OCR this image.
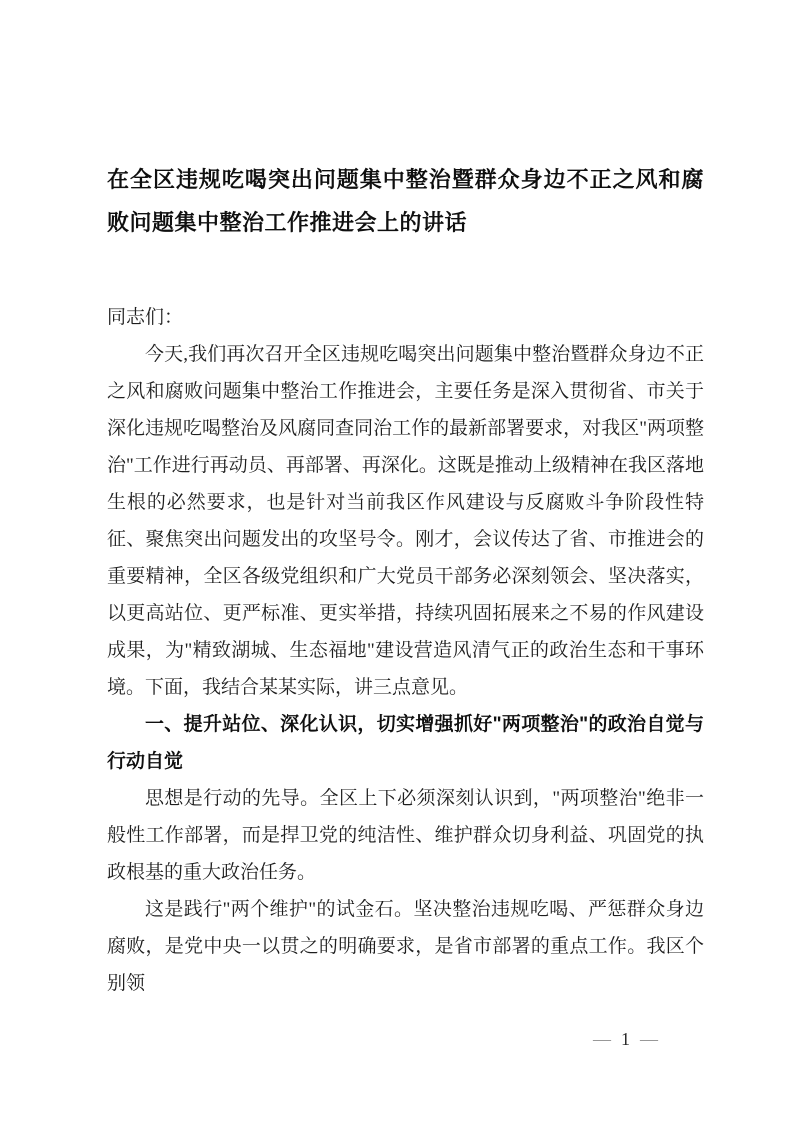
在全区违规吃喝突出问题集中整治暨群众身边不正之风和腐败问题集中整治工作推进会上的讲话
同志们：

今天,我们再次召开全区违规吃喝突出问题集中整治暨群众身边不正之风和腐败问题集中整治工作推进会，主要任务是深入贯彻省、市关于深化违规吃喝整治及风腐同查同治工作的最新部署要求，对我区"两项整治"工作进行再动员、再部署、再深化。这既是推动上级精神在我区落地生根的必然要求，也是针对当前我区作风建设与反腐败斗争阶段性特征、聚焦突出问题发出的攻坚号令。刚才，会议传达了省、市推进会的重要精神，全区各级党组织和广大党员干部务必深刻领会、坚决落实，以更高站位、更严标准、更实举措，持续巩固拓展来之不易的作风建设成果，为"精致湖城、生态福地"建设营造风清气正的政治生态和干事环境。下面，我结合某某实际，讲三点意见。

一、提升站位、深化认识，切实增强抓好"两项整治"的政治自觉与行动自觉

思想是行动的先导。全区上下必须深刻认识到，"两项整治"绝非一般性工作部署，而是捍卫党的纯洁性、维护群众切身利益、巩固党的执政根基的重大政治任务。

这是践行"两个维护"的试金石。坚决整治违规吃喝、严惩群众身边腐败，是党中央一以贯之的明确要求，是省市部署的重点工作。我区个别领

— 1 —
